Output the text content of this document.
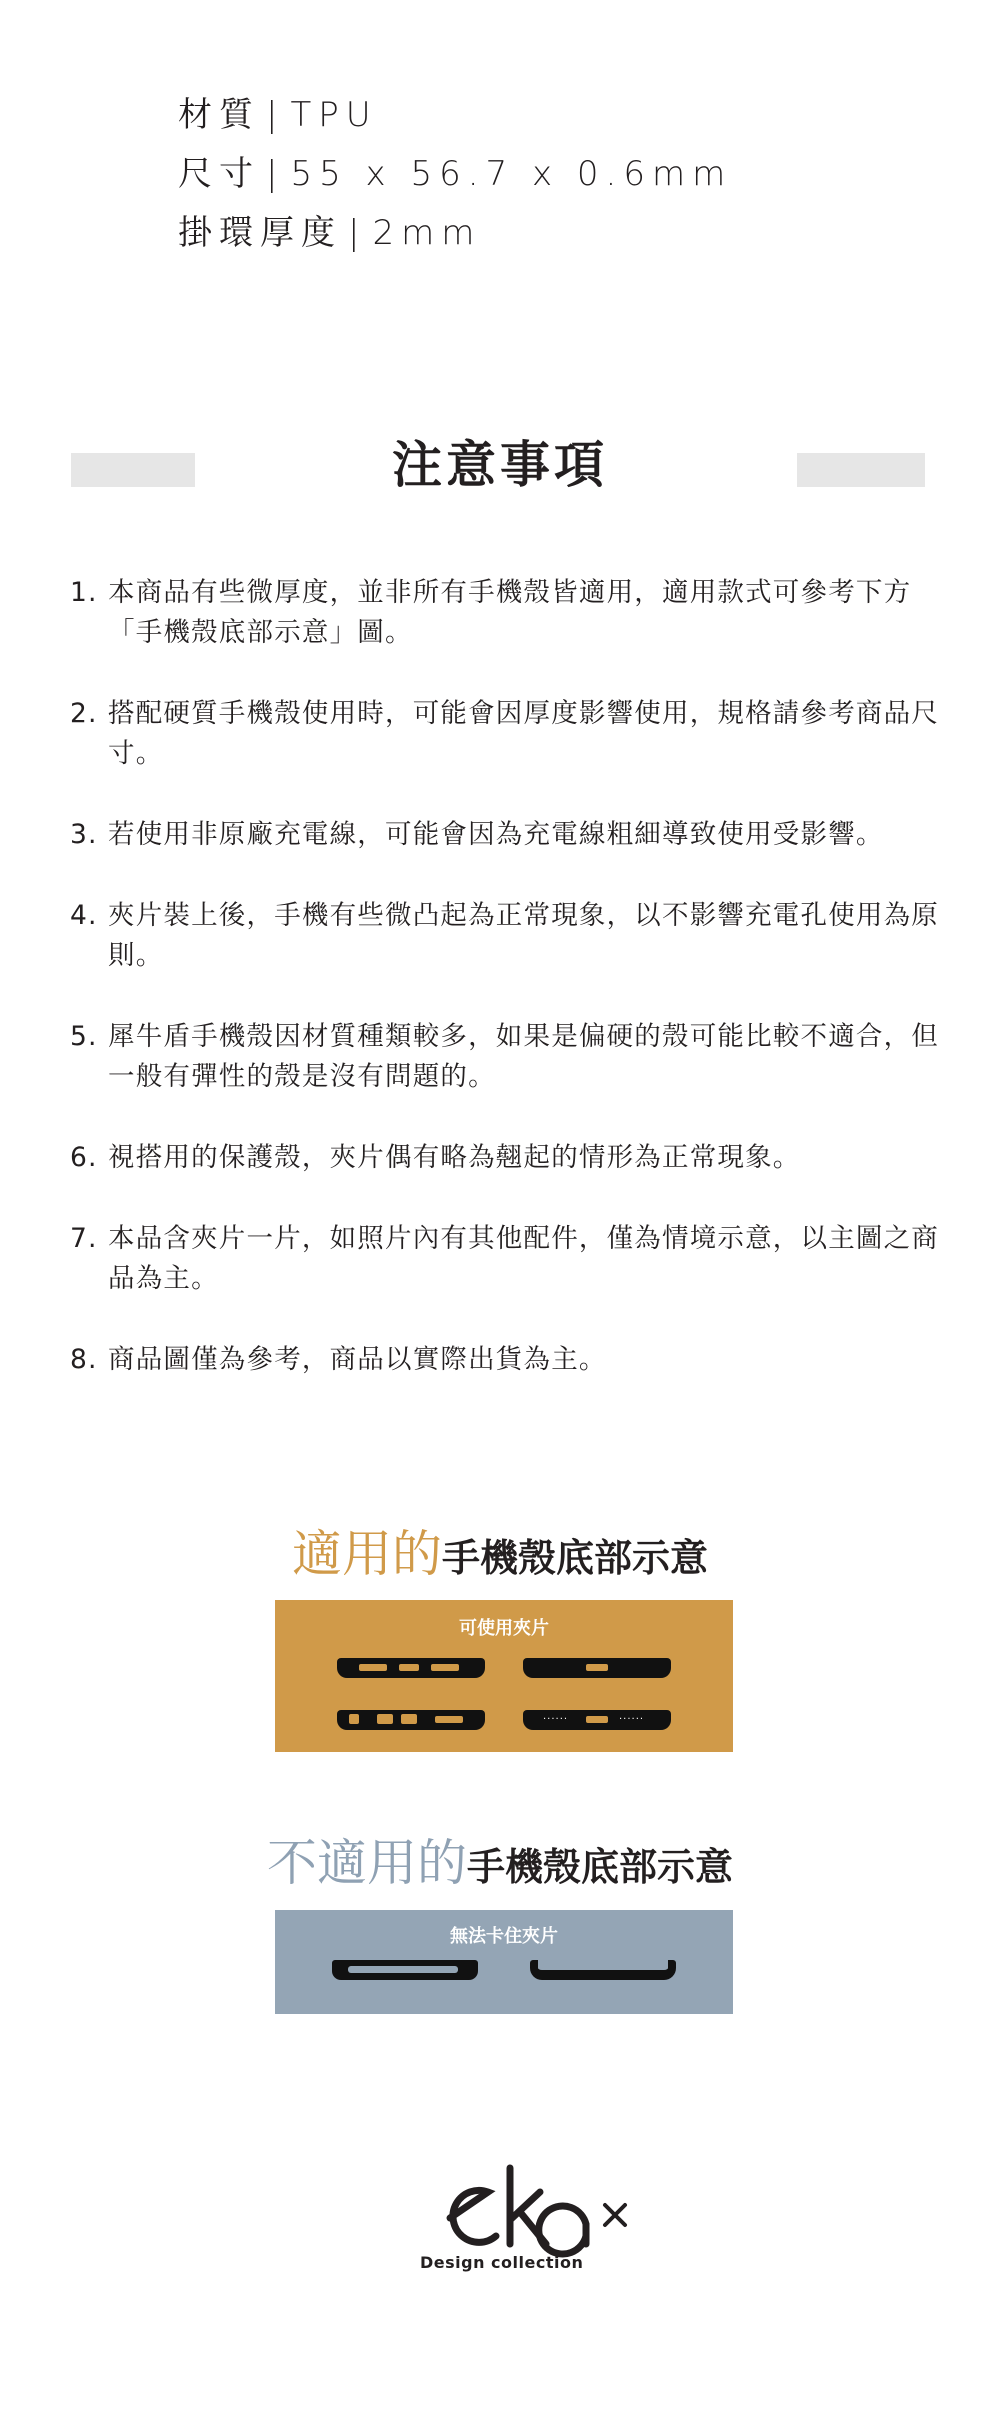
材質 | TPU
尺寸 | 55 x 56.7 x 0.6mm
掛環厚度 | 2mm
注意事項
1. 本商品有些微厚度，並非所有手機殼皆適用，適用款式可參考下方「手機殼底部示意」圖。
2. 搭配硬質手機殼使用時，可能會因厚度影響使用，規格請參考商品尺寸。
3. 若使用非原廠充電線，可能會因為充電線粗細導致使用受影響。
4. 夾片裝上後，手機有些微凸起為正常現象，以不影響充電孔使用為原則。
5. 犀牛盾手機殼因材質種類較多，如果是偏硬的殼可能比較不適合，但一般有彈性的殼是沒有問題的。
6. 視搭用的保護殼，夾片偶有略為翹起的情形為正常現象。
7. 本品含夾片一片，如照片內有其他配件，僅為情境示意，以主圖之商品為主。
8. 商品圖僅為參考，商品以實際出貨為主。
適用的手機殼底部示意
可使用夾片
······	······
不適用的手機殼底部示意
無法卡住夾片
Design collection
